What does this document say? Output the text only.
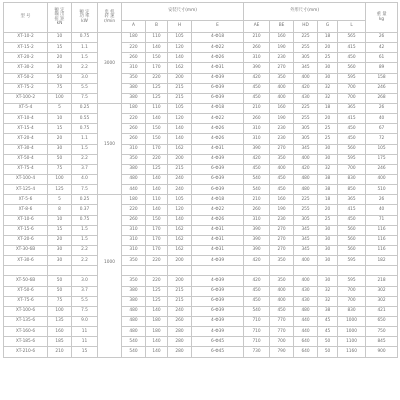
型 号	额 定
输 出
扭 矩
kN	额 定
功 率
kW	电 机
转 速
r/min	安装尺寸(mm)				外形尺寸(mm)					重 量
kg

				A	B	H	E	AE	BE	HD	G	L	
XT-10-2	10	0.75	3000	180	110	105	4-Φ18	210	160	225	18	565	26
XT-15-2	15	1.1		220	140	120	4-Φ22	260	190	255	20	415	42
XT-20-2	20	1.5		260	150	140	4-Φ26	310	230	305	25	450	61
XT-30-2	30	2.2		310	170	162	4-Φ31	390	270	345	30	560	89
XT-50-2	50	3.0		350	220	200	4-Φ39	420	350	400	30	595	158
XT-75-2	75	5.5		380	125	215	6-Φ39	450	400	420	32	700	246
XT-100-2	100	7.5		380	125	215	6-Φ39	450	400	430	32	700	268
XT-5-4	5	0.25	1500	180	110	105	4-Φ18	210	160	225	18	365	26
XT-10-4	10	0.55		220	140	120	4-Φ22	260	190	255	20	415	40
XT-15-4	15	0.75		260	150	140	4-Φ26	310	230	305	25	450	67
XT-20-4	20	1.1		260	150	140	4-Φ26	310	230	305	25	450	72
XT-30-4	30	1.5		310	170	162	4-Φ31	390	270	345	30	560	105
XT-50-4	50	2.2		350	220	200	4-Φ39	420	350	400	30	595	175
XT-75-4	75	3.7		380	125	215	6-Φ39	450	400	420	32	700	246
XT-100-4	100	4.0		480	140	240	6-Φ39	540	450	480	38	830	400
XT-125-4	125	7.5		440	140	240	6-Φ39	540	450	480	38	850	510
XT-5-6	5	0.25	1000	180	110	105	4-Φ18	210	160	225	18	365	26
XT-8-6	8	0.37		220	140	120	4-Φ22	260	190	255	20	415	40
XT-10-6	10	0.75		260	150	140	4-Φ26	310	230	305	25	450	71
XT-15-6	15	1.5		310	170	162	4-Φ31	390	270	345	30	560	116
XT-20-6	20	1.5		310	170	162	4-Φ31	390	270	345	30	560	116
XT-30-6B	30	2.2		310	170	162	4-Φ31	390	270	345	30	560	116
XT-30-6	30	2.2		350	220	200	4-Φ39	420	350	400	30	595	182

XT-50-6B	50	3.0		350	220	200	4-Φ39	420	350	400	30	595	218
XT-50-6	50	3.7		380	125	215	6-Φ39	450	400	430	32	700	302
XT-75-6	75	5.5		380	125	215	6-Φ39	450	400	430	32	700	302
XT-100-6	100	7.5		480	140	240	6-Φ39	540	450	480	38	830	421
XT-135-6	135	9.0		480	180	260	4-Φ39	710	770	440	45	1000	650
XT-160-6	160	11		480	180	280	4-Φ39	710	770	440	45	1000	750
XT-185-6	185	11		540	140	280	6-Φ45	710	700	640	50	1100	845
XT-210-6	210	15		540	140	280	6-Φ45	730	790	640	50	1160	900
